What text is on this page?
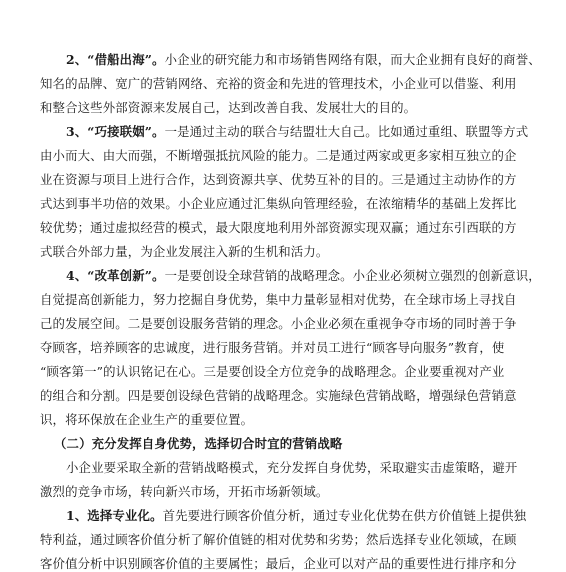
2、“借船出海”。小企业的研究能力和市场销售网络有限，而大企业拥有良好的商誉、
知名的品牌、宽广的营销网络、充裕的资金和先进的管理技术，小企业可以借鉴、利用
和整合这些外部资源来发展自己，达到改善自我、发展壮大的目的。
3、“巧接联姻”。一是通过主动的联合与结盟壮大自己。比如通过重组、联盟等方式
由小而大、由大而强，不断增强抵抗风险的能力。二是通过两家或更多家相互独立的企
业在资源与项目上进行合作，达到资源共享、优势互补的目的。三是通过主动协作的方
式达到事半功倍的效果。小企业应通过汇集纵向管理经验，在浓缩精华的基础上发挥比
较优势；通过虚拟经营的模式，最大限度地利用外部资源实现双赢；通过东引西联的方
式联合外部力量，为企业发展注入新的生机和活力。
4、“改革创新”。一是要创设全球营销的战略理念。小企业必须树立强烈的创新意识，
自觉提高创新能力，努力挖掘自身优势，集中力量彰显相对优势，在全球市场上寻找自
己的发展空间。二是要创设服务营销的理念。小企业必须在重视争夺市场的同时善于争
夺顾客，培养顾客的忠诚度，进行服务营销。并对员工进行“顾客导向服务”教育，使
“顾客第一”的认识铭记在心。三是要创设全方位竞争的战略理念。企业要重视对产业
的组合和分割。四是要创设绿色营销的战略理念。实施绿色营销战略，增强绿色营销意
识，将环保放在企业生产的重要位置。
（二）充分发挥自身优势，选择切合时宜的营销战略
小企业要采取全新的营销战略模式，充分发挥自身优势，采取避实击虚策略，避开
激烈的竞争市场，转向新兴市场，开拓市场新领域。
1、选择专业化。首先要进行顾客价值分析，通过专业化优势在供方价值链上提供独
特利益，通过顾客价值分析了解价值链的相对优势和劣势；然后选择专业化领域，在顾
客价值分析中识别顾客价值的主要属性；最后，企业可以对产品的重要性进行排序和分
